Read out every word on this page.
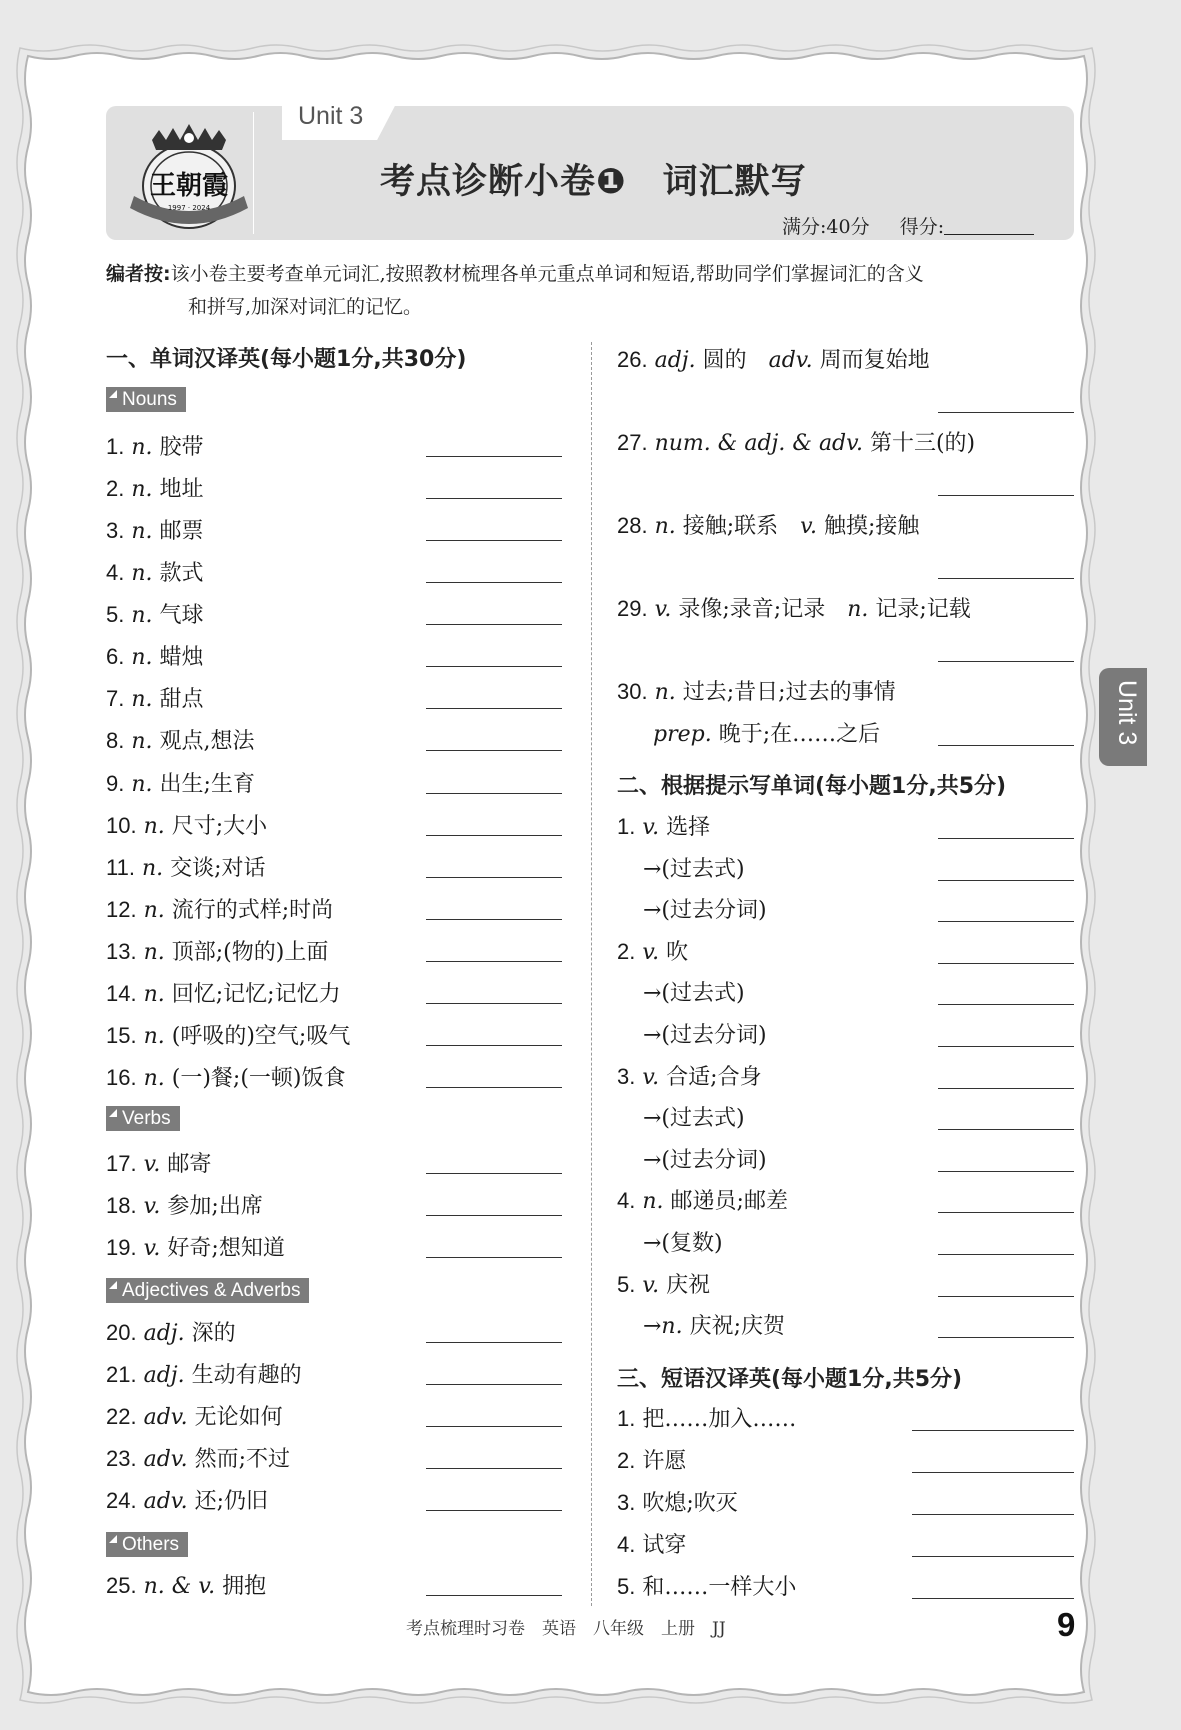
Unit 3
王朝霞
1997 · 2024
考点诊断小卷❶　词汇默写
满分:40分 得分:
编者按:该小卷主要考查单元词汇,按照教材梳理各单元重点单词和短语,帮助同学们掌握词汇的含义
和拼写,加深对词汇的记忆。
一、单词汉译英(每小题1分,共30分)
二、根据提示写单词(每小题1分,共5分)
三、短语汉译英(每小题1分,共5分)
Nouns
Verbs
Adjectives & Adverbs
Others
1. n. 胶带
2. n. 地址
3. n. 邮票
4. n. 款式
5. n. 气球
6. n. 蜡烛
7. n. 甜点
8. n. 观点,想法
9. n. 出生;生育
10. n. 尺寸;大小
11. n. 交谈;对话
12. n. 流行的式样;时尚
13. n. 顶部;(物的)上面
14. n. 回忆;记忆;记忆力
15. n. (呼吸的)空气;吸气
16. n. (一)餐;(一顿)饭食
17. v. 邮寄
18. v. 参加;出席
19. v. 好奇;想知道
20. adj. 深的
21. adj. 生动有趣的
22. adv. 无论如何
23. adv. 然而;不过
24. adv. 还;仍旧
25. n. & v. 拥抱
26. adj. 圆的　adv. 周而复始地
27. num. & adj. & adv. 第十三(的)
28. n. 接触;联系　v. 触摸;接触
29. v. 录像;录音;记录　n. 记录;记载
30. n. 过去;昔日;过去的事情
prep. 晚于;在……之后
1. v. 选择
→(过去式)
→(过去分词)
2. v. 吹
→(过去式)
→(过去分词)
3. v. 合适;合身
→(过去式)
→(过去分词)
4. n. 邮递员;邮差
→(复数)
5. v. 庆祝
→n. 庆祝;庆贺
1. 把……加入……
2. 许愿
3. 吹熄;吹灭
4. 试穿
5. 和……一样大小
Unit 3
考点梳理时习卷　英语　八年级　上册　JJ	9
